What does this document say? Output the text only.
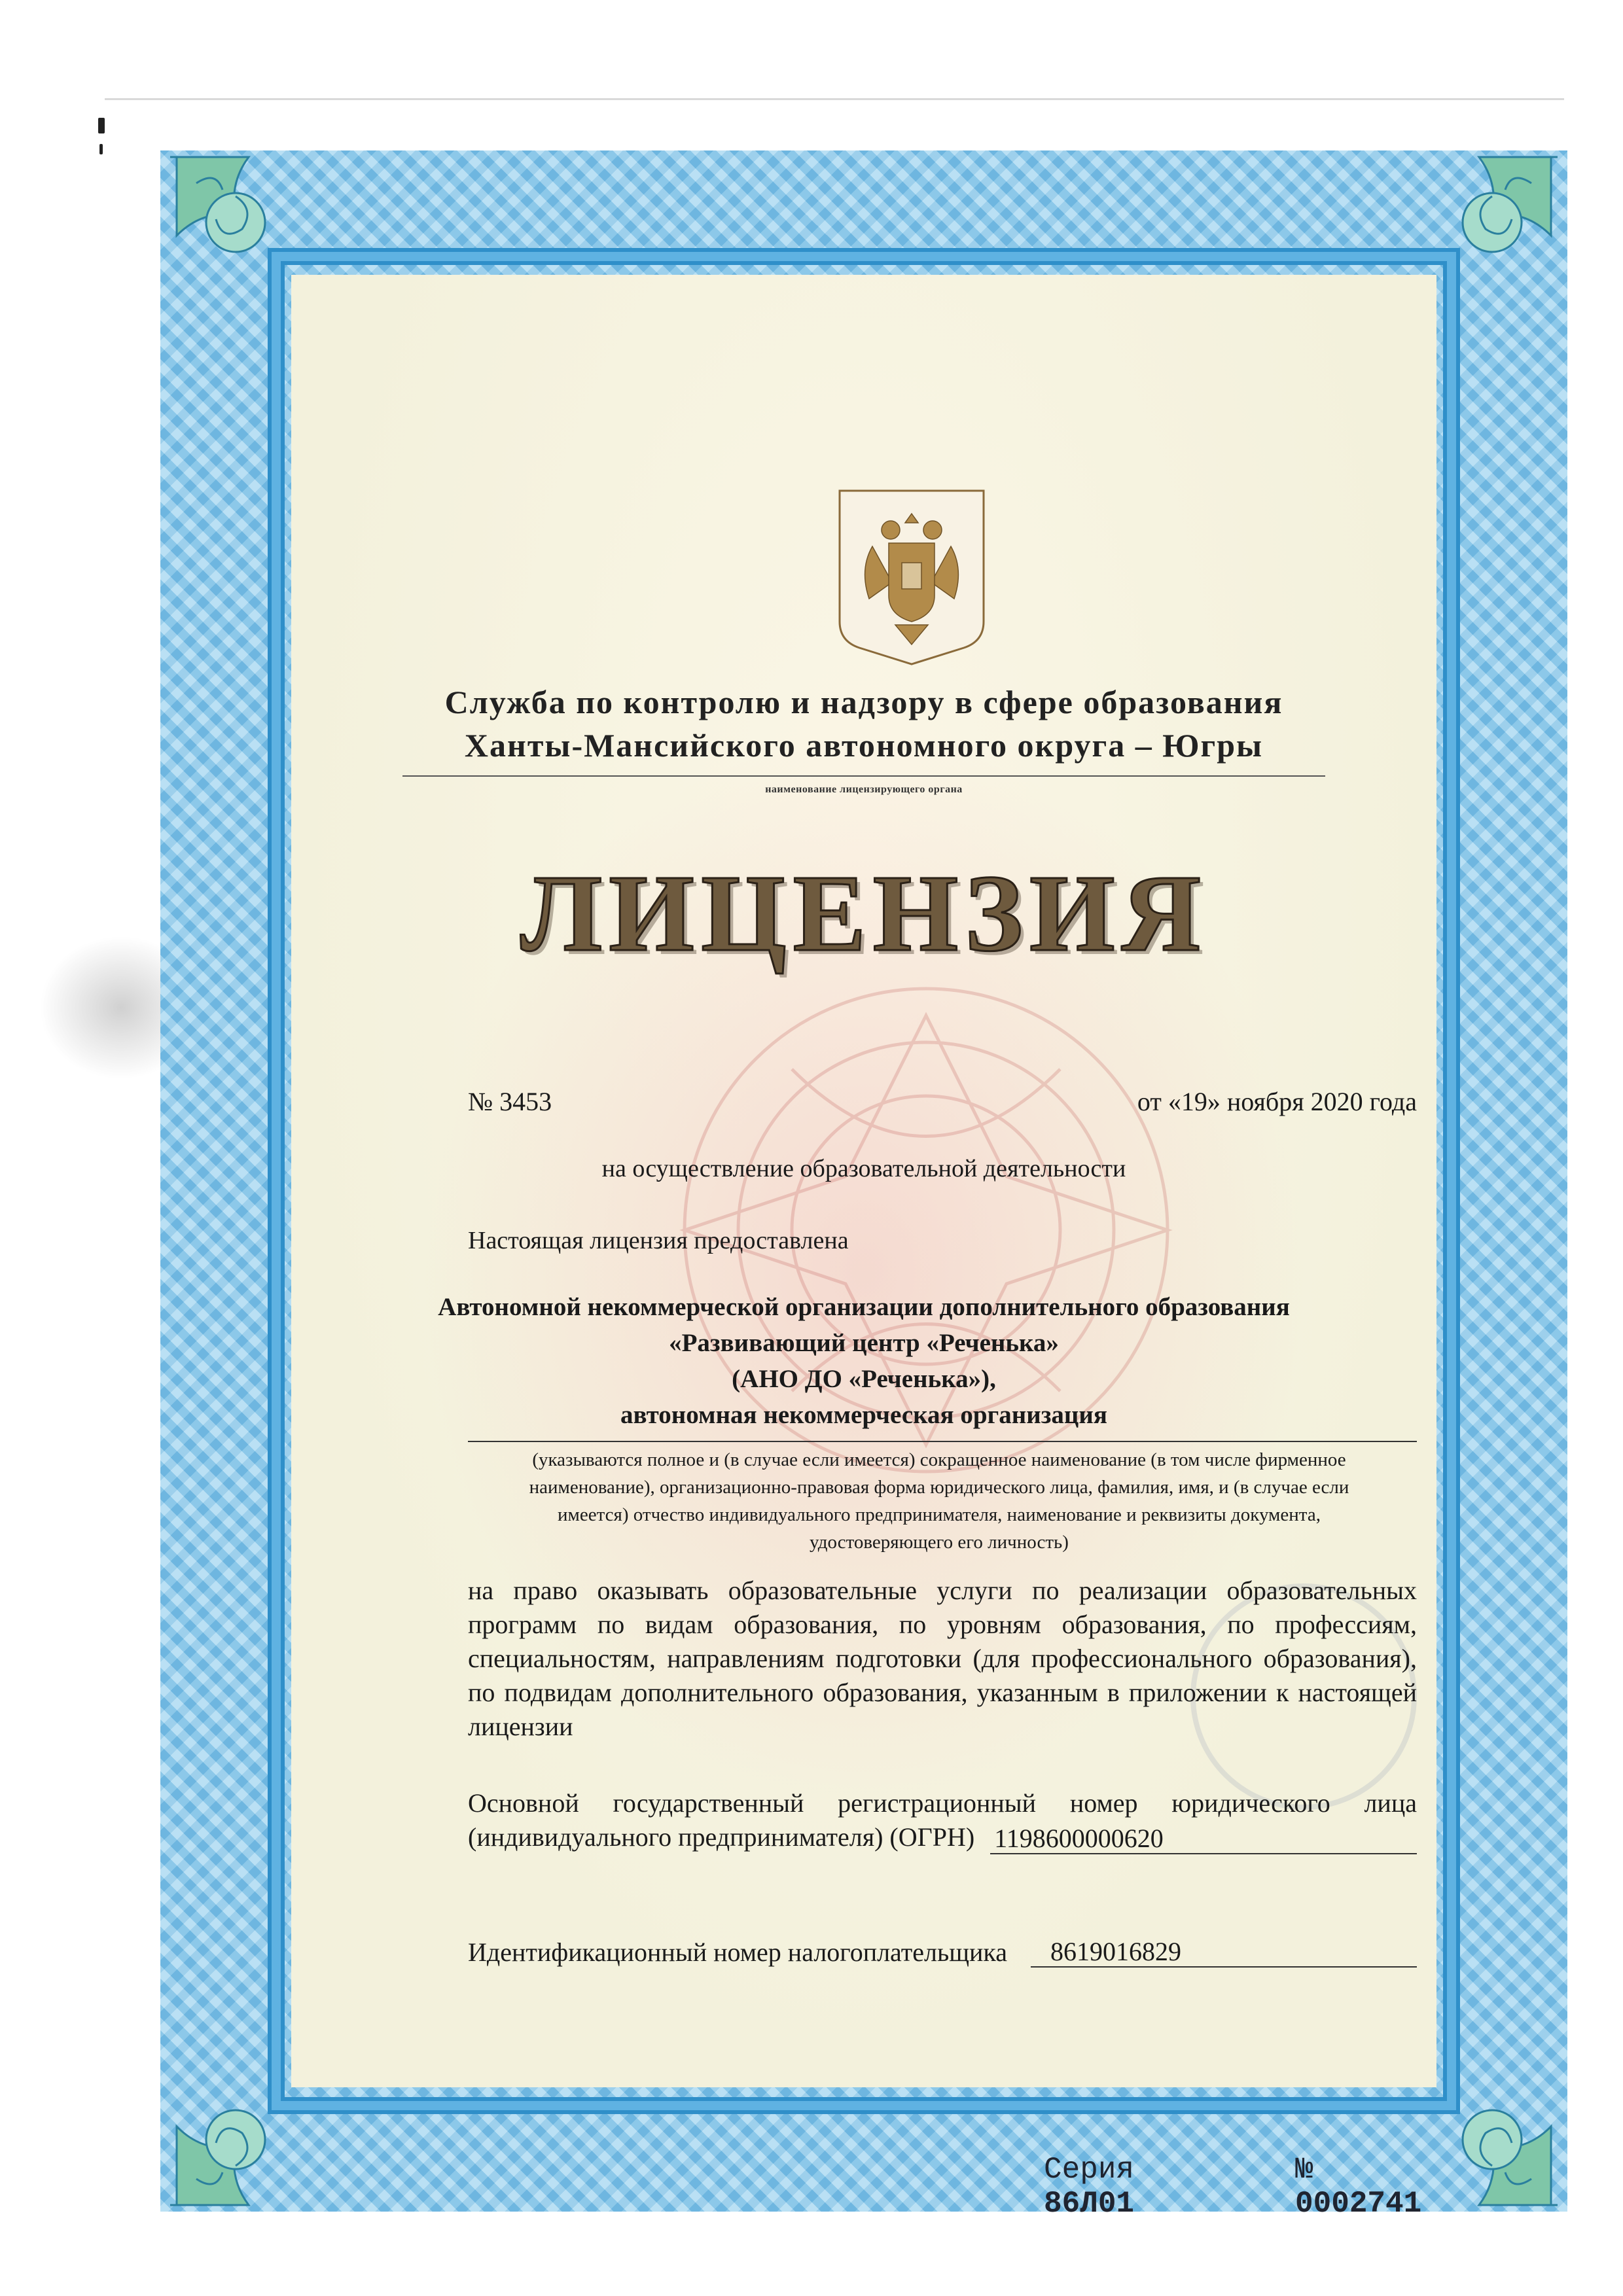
Служба по контролю и надзору в сфере образования
Ханты-Мансийского автономного округа – Югры
наименование лицензирующего органа
ЛИЦЕНЗИЯ
№ 3453	от «19» ноября 2020 года
на осуществление образовательной деятельности
Настоящая лицензия предоставлена
Автономной некоммерческой организации дополнительного образования
«Развивающий центр «Реченька»
(АНО ДО «Реченька»),
автономная некоммерческая организация
(указываются полное и (в случае если имеется) сокращенное наименование (в том числе фирменное
наименование), организационно-правовая форма юридического лица, фамилия, имя, и (в случае если
имеется) отчество индивидуального предпринимателя, наименование и реквизиты документа,
удостоверяющего его личность)
на право оказывать образовательные услуги по реализации образовательных программ по видам образования, по уровням образования, по профессиям, специальностям, направлениям подготовки (для профессионального образования), по подвидам дополнительного образования, указанным в приложении к настоящей лицензии
Основной государственный регистрационный номер юридического лица
(индивидуального предпринимателя) (ОГРН) 1198600000620
Идентификационный номер налогоплательщика	8619016829
Серия 86Л01
№ 0002741
